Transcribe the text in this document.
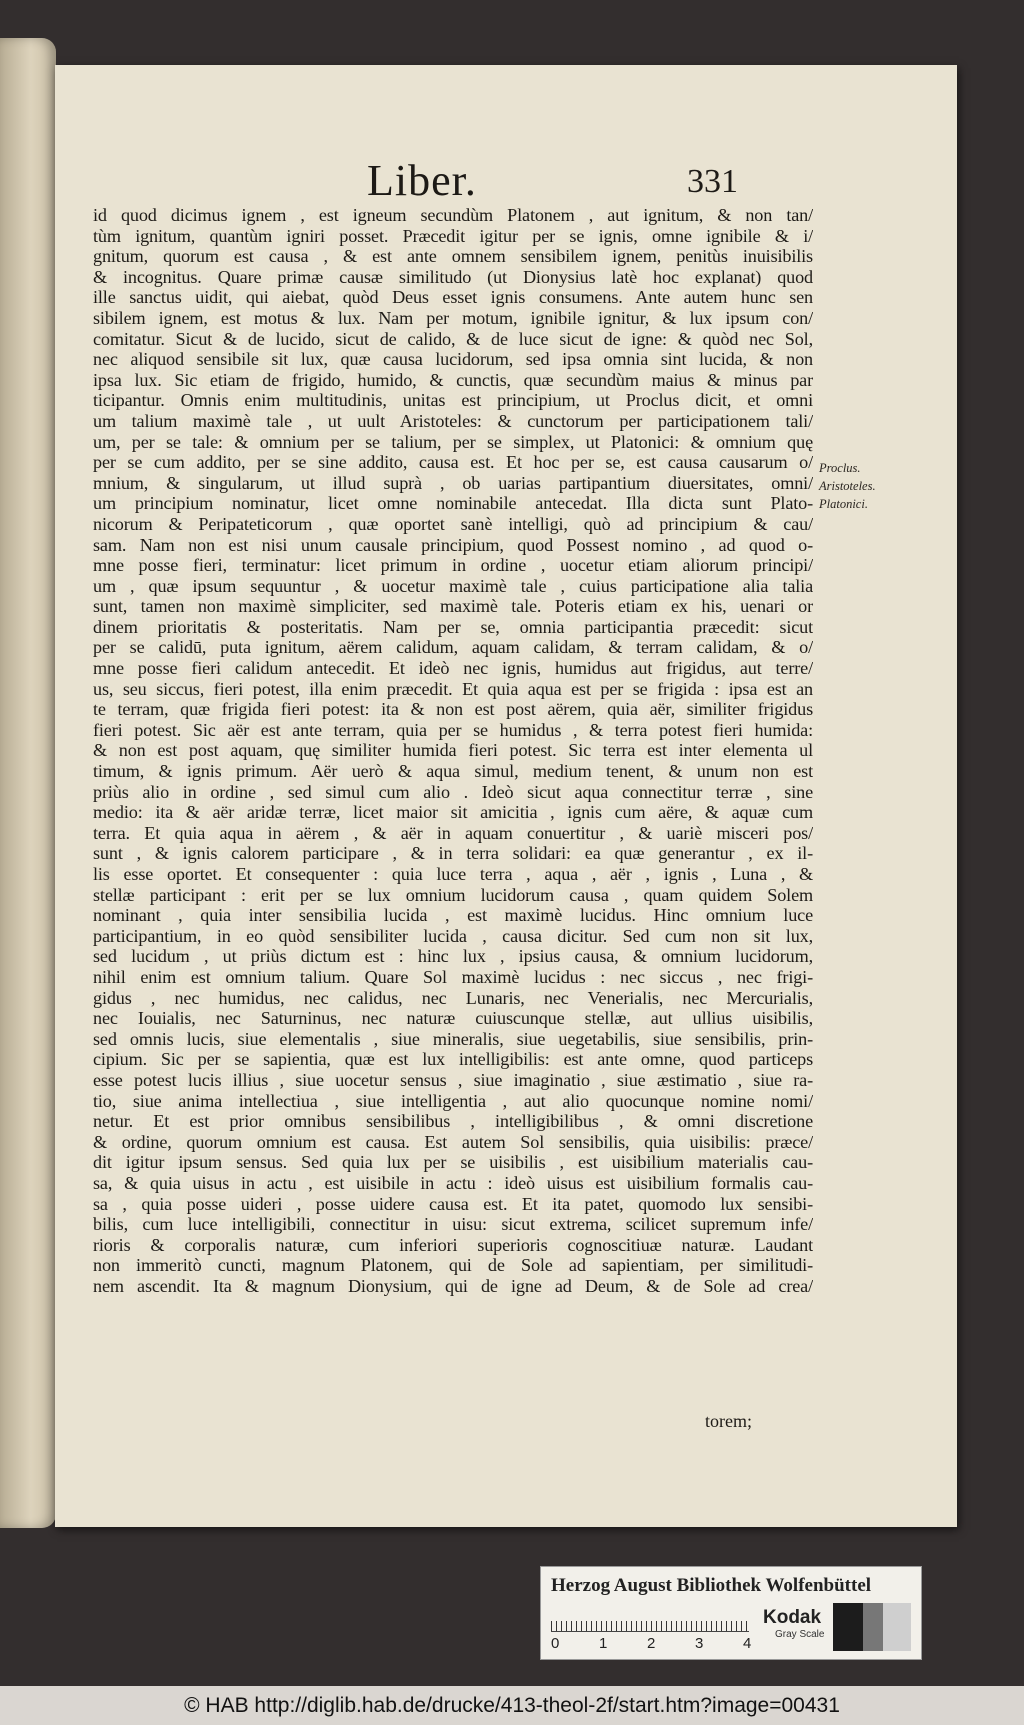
Liber.	331
id quod dicimus ignem , est igneum secundùm Platonem , aut ignitum, & non tan/
tùm ignitum, quantùm igniri posset. Præcedit igitur per se ignis, omne ignibile & i/
gnitum, quorum est causa , & est ante omnem sensibilem ignem, penitùs inuisibilis
& incognitus. Quare primæ causæ similitudo (ut Dionysius latè hoc explanat) quod
ille sanctus uidit, qui aiebat, quòd Deus esset ignis consumens. Ante autem hunc sen
sibilem ignem, est motus & lux. Nam per motum, ignibile ignitur, & lux ipsum con/
comitatur. Sicut & de lucido, sicut de calido, & de luce sicut de igne: & quòd nec Sol,
nec aliquod sensibile sit lux, quæ causa lucidorum, sed ipsa omnia sint lucida, & non
ipsa lux. Sic etiam de frigido, humido, & cunctis, quæ secundùm maius & minus par
ticipantur. Omnis enim multitudinis, unitas est principium, ut Proclus dicit, et omni
um talium maximè tale , ut uult Aristoteles: & cunctorum per participationem tali/
um, per se tale: & omnium per se talium, per se simplex, ut Platonici: & omnium quę
per se cum addito, per se sine addito, causa est. Et hoc per se, est causa causarum o/
mnium, & singularum, ut illud suprà , ob uarias partipantium diuersitates, omni/
um principium nominatur, licet omne nominabile antecedat. Illa dicta sunt Plato-
nicorum & Peripateticorum , quæ oportet sanè intelligi, quò ad principium & cau/
sam. Nam non est nisi unum causale principium, quod Possest nomino , ad quod o-
mne posse fieri, terminatur: licet primum in ordine , uocetur etiam aliorum principi/
um , quæ ipsum sequuntur , & uocetur maximè tale , cuius participatione alia talia
sunt, tamen non maximè simpliciter, sed maximè tale. Poteris etiam ex his, uenari or
dinem prioritatis & posteritatis. Nam per se, omnia participantia præcedit: sicut
per se calidū, puta ignitum, aërem calidum, aquam calidam, & terram calidam, & o/
mne posse fieri calidum antecedit. Et ideò nec ignis, humidus aut frigidus, aut terre/
us, seu siccus, fieri potest, illa enim præcedit. Et quia aqua est per se frigida : ipsa est an
te terram, quæ frigida fieri potest: ita & non est post aërem, quia aër, similiter frigidus
fieri potest. Sic aër est ante terram, quia per se humidus , & terra potest fieri humida:
& non est post aquam, quę similiter humida fieri potest. Sic terra est inter elementa ul
timum, & ignis primum. Aër uerò & aqua simul, medium tenent, & unum non est
priùs alio in ordine , sed simul cum alio . Ideò sicut aqua connectitur terræ , sine
medio: ita & aër aridæ terræ, licet maior sit amicitia , ignis cum aëre, & aquæ cum
terra. Et quia aqua in aërem , & aër in aquam conuertitur , & uariè misceri pos/
sunt , & ignis calorem participare , & in terra solidari: ea quæ generantur , ex il-
lis esse oportet. Et consequenter : quia luce terra , aqua , aër , ignis , Luna , &
stellæ participant : erit per se lux omnium lucidorum causa , quam quidem Solem
nominant , quia inter sensibilia lucida , est maximè lucidus. Hinc omnium luce
participantium, in eo quòd sensibiliter lucida , causa dicitur. Sed cum non sit lux,
sed lucidum , ut priùs dictum est : hinc lux , ipsius causa, & omnium lucidorum,
nihil enim est omnium talium. Quare Sol maximè lucidus : nec siccus , nec frigi-
gidus , nec humidus, nec calidus, nec Lunaris, nec Venerialis, nec Mercurialis,
nec Iouialis, nec Saturninus, nec naturæ cuiuscunque stellæ, aut ullius uisibilis,
sed omnis lucis, siue elementalis , siue mineralis, siue uegetabilis, siue sensibilis, prin-
cipium. Sic per se sapientia, quæ est lux intelligibilis: est ante omne, quod particeps
esse potest lucis illius , siue uocetur sensus , siue imaginatio , siue æstimatio , siue ra-
tio, siue anima intellectiua , siue intelligentia , aut alio quocunque nomine nomi/
netur. Et est prior omnibus sensibilibus , intelligibilibus , & omni discretione
& ordine, quorum omnium est causa. Est autem Sol sensibilis, quia uisibilis: præce/
dit igitur ipsum sensus. Sed quia lux per se uisibilis , est uisibilium materialis cau-
sa, & quia uisus in actu , est uisibile in actu : ideò uisus est uisibilium formalis cau-
sa , quia posse uideri , posse uidere causa est. Et ita patet, quomodo lux sensibi-
bilis, cum luce intelligibili, connectitur in uisu: sicut extrema, scilicet supremum infe/
rioris & corporalis naturæ, cum inferiori superioris cognoscitiuæ naturæ. Laudant
non immeritò cuncti, magnum Platonem, qui de Sole ad sapientiam, per similitudi-
nem ascendit. Ita & magnum Dionysium, qui de igne ad Deum, & de Sole ad crea/
Proclus.
Aristoteles.
Platonici.
torem;
Herzog August Bibliothek Wolfenbüttel
0	1	2	3	4
Kodak
Gray Scale
© HAB http://diglib.hab.de/drucke/413-theol-2f/start.htm?image=00431
